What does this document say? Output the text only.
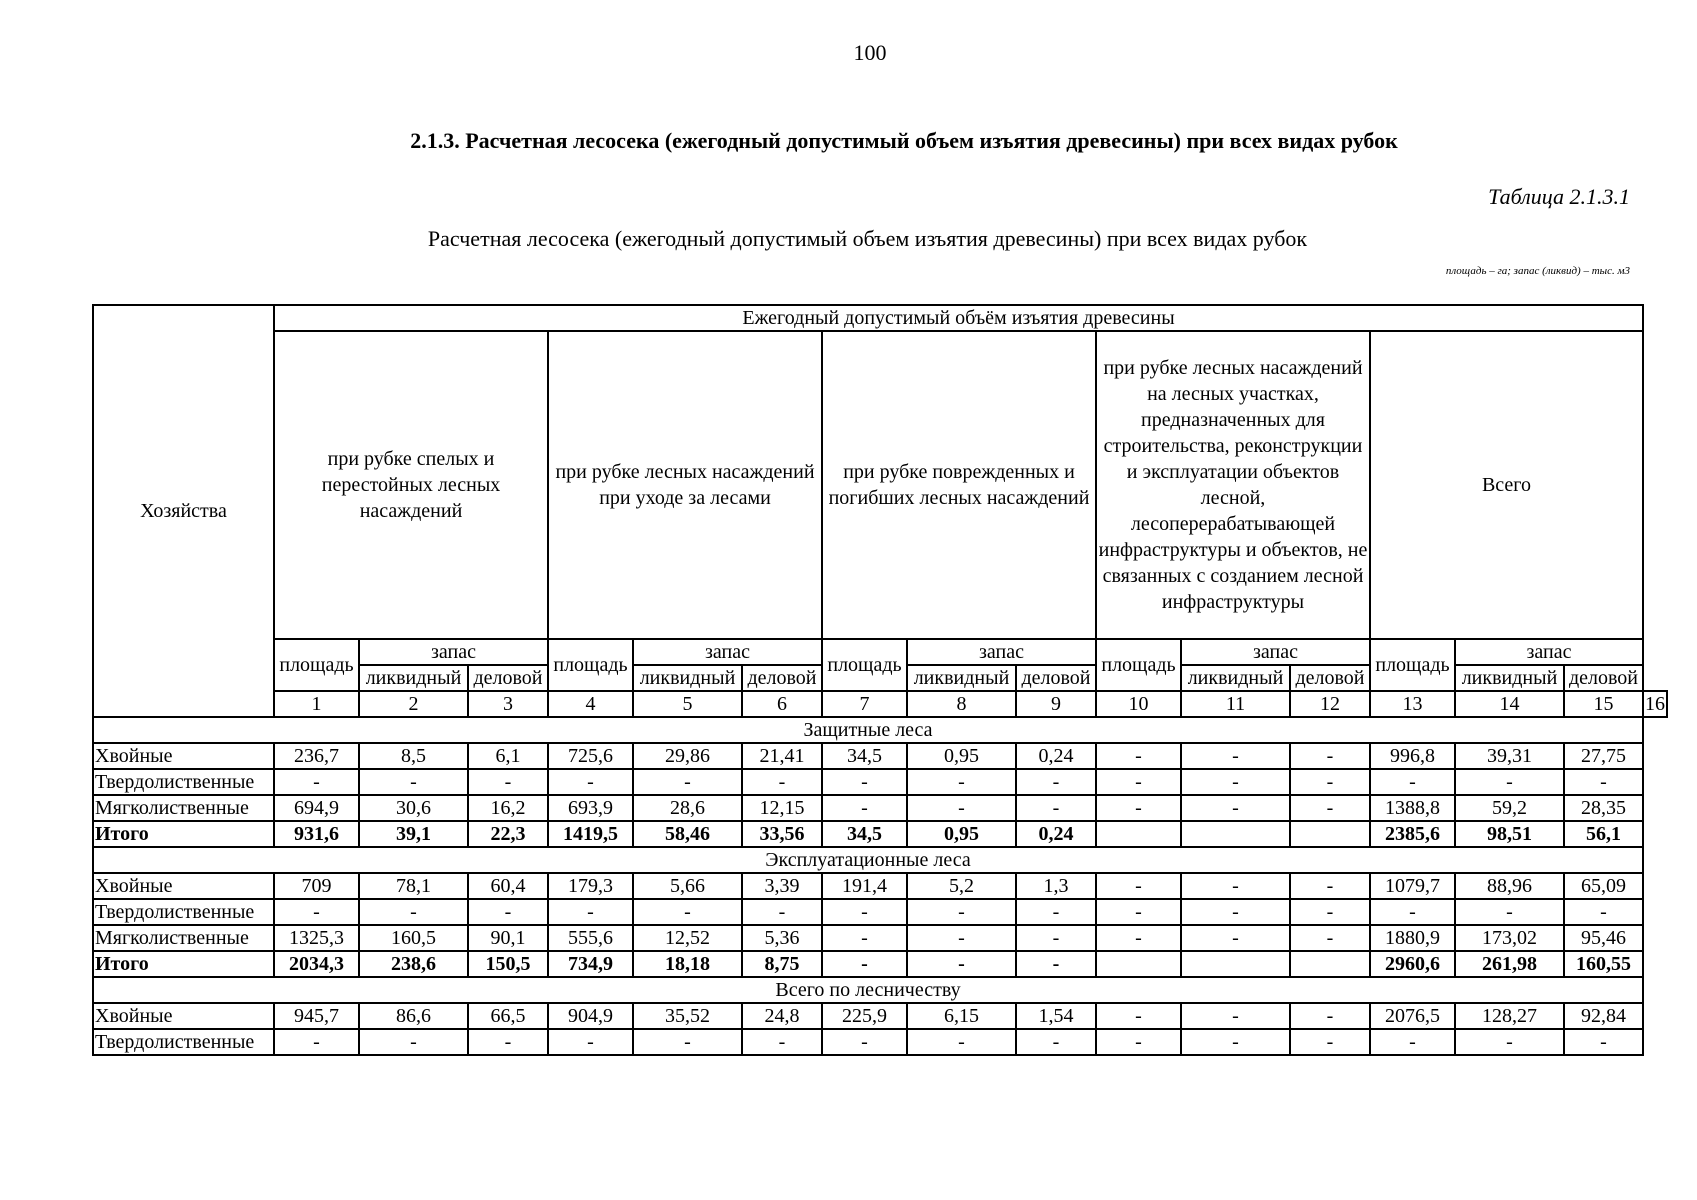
100
2.1.3. Расчетная лесосека (ежегодный допустимый объем изъятия древесины) при всех видах рубок
Таблица 2.1.3.1
Расчетная лесосека (ежегодный допустимый объем изъятия древесины) при всех видах рубок
площадь – га; запас (ликвид) – тыс. м3
Хозяйства	Ежегодный допустимый объём изъятия древесины															
	при рубке спелых и перестойных лесных насаждений			при рубке лесных насаждений при уходе за лесами			при рубке поврежденных и погибших лесных насаждений			при рубке лесных насаждений на лесных участках, предназначенных для строительства, реконструкции и эксплуатации объектов лесной, лесоперерабатывающей инфраструктуры и объектов, не связанных с созданием лесной инфраструктуры			Всего			
	площадь	запас		площадь	запас		площадь	запас		площадь	запас		площадь	запас		
		ликвидный	деловой		ликвидный	деловой		ликвидный	деловой		ликвидный	деловой		ликвидный	деловой	
	1	2	3	4	5	6	7	8	9	10	11	12	13	14	15	16
Защитные леса																
Хвойные	236,7	8,5	6,1	725,6	29,86	21,41	34,5	0,95	0,24	-	-	-	996,8	39,31	27,75	
Твердолиственные	-	-	-	-	-	-	-	-	-	-	-	-	-	-	-	
Мягколиственные	694,9	30,6	16,2	693,9	28,6	12,15	-	-	-	-	-	-	1388,8	59,2	28,35	
Итого	931,6	39,1	22,3	1419,5	58,46	33,56	34,5	0,95	0,24				2385,6	98,51	56,1	
Эксплуатационные леса																
Хвойные	709	78,1	60,4	179,3	5,66	3,39	191,4	5,2	1,3	-	-	-	1079,7	88,96	65,09	
Твердолиственные	-	-	-	-	-	-	-	-	-	-	-	-	-	-	-	
Мягколиственные	1325,3	160,5	90,1	555,6	12,52	5,36	-	-	-	-	-	-	1880,9	173,02	95,46	
Итого	2034,3	238,6	150,5	734,9	18,18	8,75	-	-	-				2960,6	261,98	160,55	
Всего по лесничеству																
Хвойные	945,7	86,6	66,5	904,9	35,52	24,8	225,9	6,15	1,54	-	-	-	2076,5	128,27	92,84	
Твердолиственные	-	-	-	-	-	-	-	-	-	-	-	-	-	-	-	
